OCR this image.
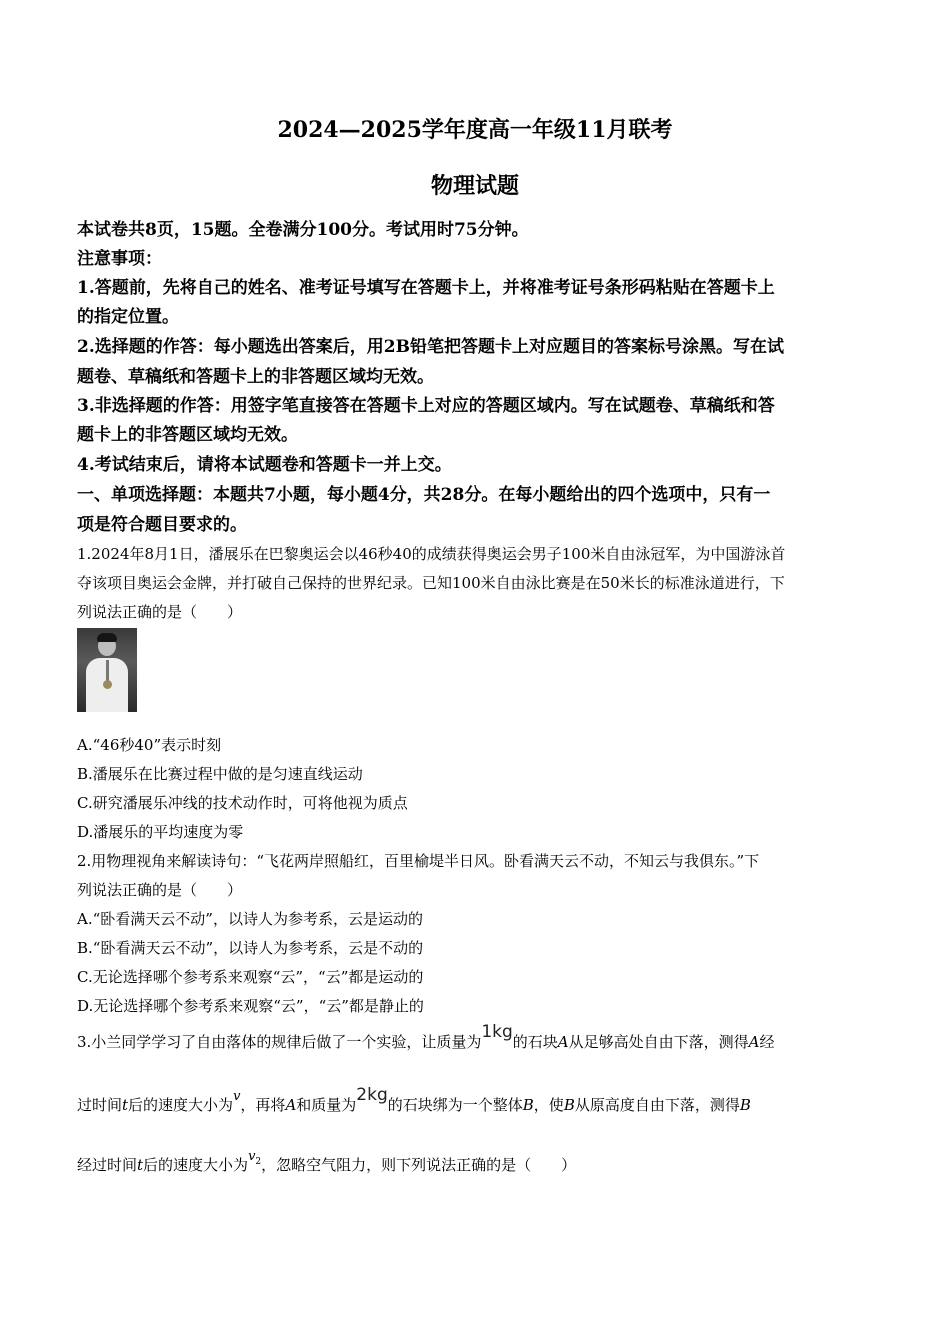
2024—2025学年度高一年级11月联考
物理试题
本试卷共8页，15题。全卷满分100分。考试用时75分钟。
注意事项：
1.答题前，先将自己的姓名、准考证号填写在答题卡上，并将准考证号条形码粘贴在答题卡上
的指定位置。
2.选择题的作答：每小题选出答案后，用2B铅笔把答题卡上对应题目的答案标号涂黑。写在试
题卷、草稿纸和答题卡上的非答题区域均无效。
3.非选择题的作答：用签字笔直接答在答题卡上对应的答题区域内。写在试题卷、草稿纸和答
题卡上的非答题区域均无效。
4.考试结束后，请将本试题卷和答题卡一并上交。
一、单项选择题：本题共7小题，每小题4分，共28分。在每小题给出的四个选项中，只有一
项是符合题目要求的。
1.2024年8月1日，潘展乐在巴黎奥运会以46秒40的成绩获得奥运会男子100米自由泳冠军，为中国游泳首
夺该项目奥运会金牌，并打破自己保持的世界纪录。已知100米自由泳比赛是在50米长的标准泳道进行，下
列说法正确的是（　　）
A.“46秒40”表示时刻
B.潘展乐在比赛过程中做的是匀速直线运动
C.研究潘展乐冲线的技术动作时，可将他视为质点
D.潘展乐的平均速度为零
2.用物理视角来解读诗句：“飞花两岸照船红，百里榆堤半日风。卧看满天云不动，不知云与我俱东。”下
列说法正确的是（　　）
A.“卧看满天云不动”，以诗人为参考系，云是运动的
B.“卧看满天云不动”，以诗人为参考系，云是不动的
C.无论选择哪个参考系来观察“云”，“云”都是运动的
D.无论选择哪个参考系来观察“云”，“云”都是静止的
3.小兰同学学习了自由落体的规律后做了一个实验，让质量为1kg的石块A从足够高处自由下落，测得A经
过时间t后的速度大小为v，再将A和质量为2kg的石块绑为一个整体B，使B从原高度自由下落，测得B
经过时间t后的速度大小为$v_2$，忽略空气阻力，则下列说法正确的是（　　）
